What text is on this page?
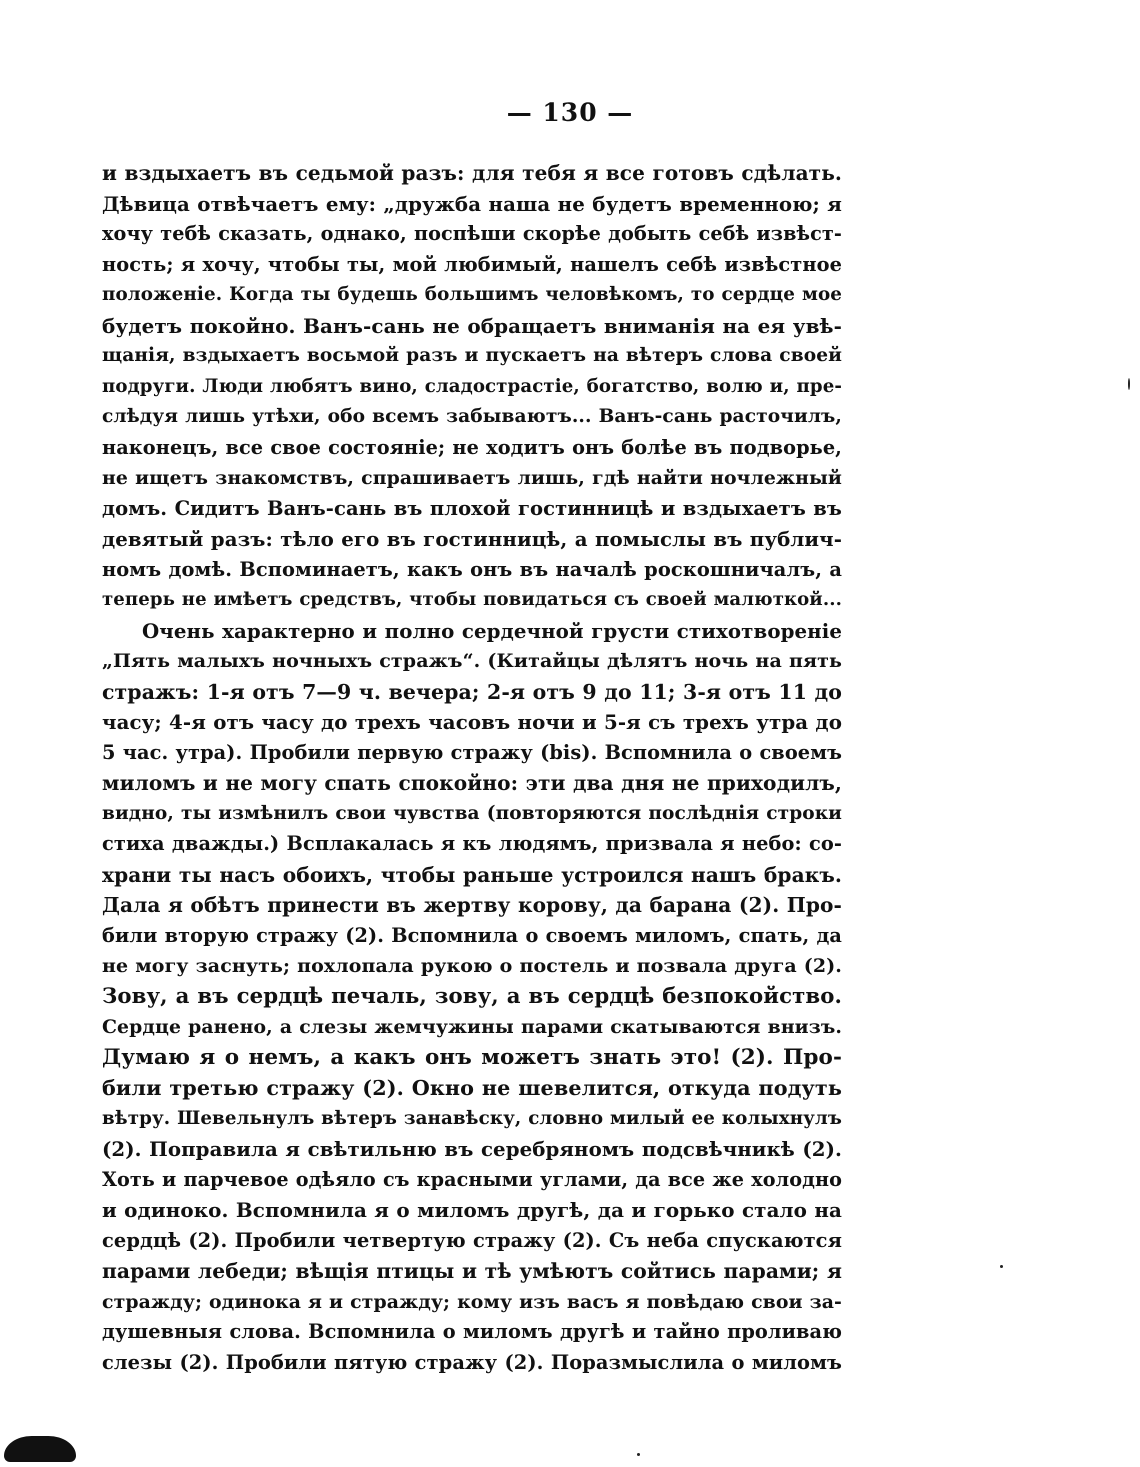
— 130 —
и вздыхаетъ въ седьмой разъ: для тебя я все готовъ сдѣлать.
Дѣвица отвѣчаетъ ему: „дружба наша не будетъ временною; я
хочу тебѣ сказать, однако, поспѣши скорѣе добыть себѣ извѣст-
ность; я хочу, чтобы ты, мой любимый, нашелъ себѣ извѣстное
положеніе. Когда ты будешь большимъ человѣкомъ, то сердце мое
будетъ покойно. Ванъ-сань не обращаетъ вниманія на ея увѣ-
щанія, вздыхаетъ восьмой разъ и пускаетъ на вѣтеръ слова своей
подруги. Люди любятъ вино, сладострастіе, богатство, волю и, пре-
слѣдуя лишь утѣхи, обо всемъ забываютъ... Ванъ-сань расточилъ,
наконецъ, все свое состояніе; не ходитъ онъ болѣе въ подворье,
не ищетъ знакомствъ, спрашиваетъ лишь, гдѣ найти ночлежный
домъ. Сидитъ Ванъ-сань въ плохой гостинницѣ и вздыхаетъ въ
девятый разъ: тѣло его въ гостинницѣ, а помыслы въ публич-
номъ домѣ. Вспоминаетъ, какъ онъ въ началѣ роскошничалъ, а
теперь не имѣетъ средствъ, чтобы повидаться съ своей малюткой...
Очень характерно и полно сердечной грусти стихотвореніе
„Пять малыхъ ночныхъ стражъ“. (Китайцы дѣлятъ ночь на пять
стражъ: 1-я отъ 7—9 ч. вечера; 2-я отъ 9 до 11; 3-я отъ 11 до
часу; 4-я отъ часу до трехъ часовъ ночи и 5-я съ трехъ утра до
5 час. утра). Пробили первую стражу (bis). Вспомнила о своемъ
миломъ и не могу спать спокойно: эти два дня не приходилъ,
видно, ты измѣнилъ свои чувства (повторяются послѣднія строки
стиха дважды.) Всплакалась я къ людямъ, призвала я небо: со-
храни ты насъ обоихъ, чтобы раньше устроился нашъ бракъ.
Дала я обѣтъ принести въ жертву корову, да барана (2). Про-
били вторую стражу (2). Вспомнила о своемъ миломъ, спать, да
не могу заснуть; похлопала рукою о постель и позвала друга (2).
Зову, а въ сердцѣ печаль, зову, а въ сердцѣ безпокойство.
Сердце ранено, а слезы жемчужины парами скатываются внизъ.
Думаю я о немъ, а какъ онъ можетъ знать это! (2). Про-
били третью стражу (2). Окно не шевелится, откуда подуть
вѣтру. Шевельнулъ вѣтеръ занавѣску, словно милый ее колыхнулъ
(2). Поправила я свѣтильню въ серебряномъ подсвѣчникѣ (2).
Хоть и парчевое одѣяло съ красными углами, да все же холодно
и одиноко. Вспомнила я о миломъ другѣ, да и горько стало на
сердцѣ (2). Пробили четвертую стражу (2). Съ неба спускаются
парами лебеди; вѣщія птицы и тѣ умѣютъ сойтись парами; я
стражду; одинока я и стражду; кому изъ васъ я повѣдаю свои за-
душевныя слова. Вспомнила о миломъ другѣ и тайно проливаю
слезы (2). Пробили пятую стражу (2). Поразмыслила о миломъ
